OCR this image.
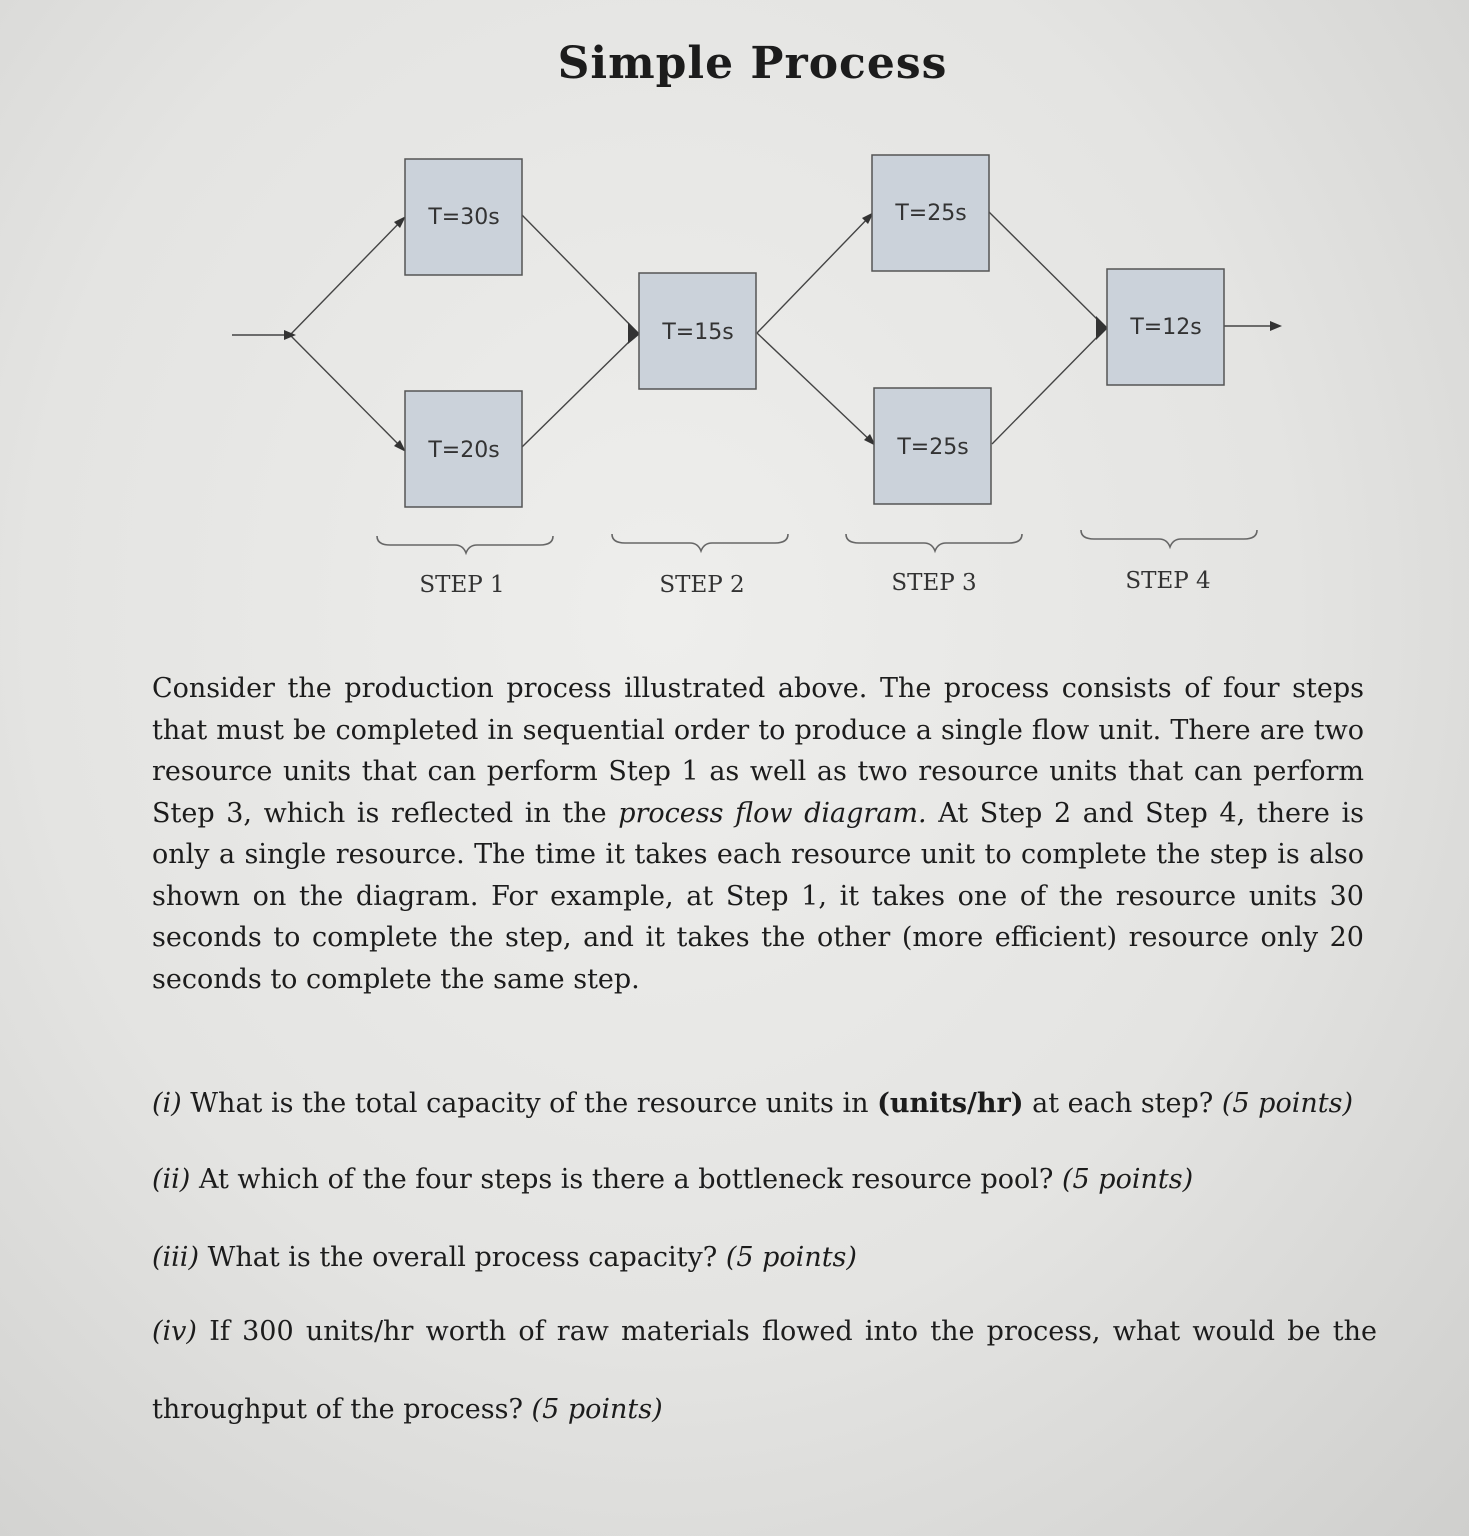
Simple Process
T=30s
T=20s
T=15s
T=25s
T=25s
T=12s
STEP 1	STEP 2	STEP 3	STEP 4
Consider the production process illustrated above. The process consists of four steps that must be completed in sequential order to produce a single flow unit. There are two resource units that can perform Step 1 as well as two resource units that can perform Step 3, which is reflected in the process flow diagram. At Step 2 and Step 4, there is only a single resource. The time it takes each resource unit to complete the step is also shown on the diagram. For example, at Step 1, it takes one of the resource units 30 seconds to complete the step, and it takes the other (more efficient) resource only 20 seconds to complete the same step.
(i) What is the total capacity of the resource units in (units/hr) at each step? (5 points)
(ii) At which of the four steps is there a bottleneck resource pool? (5 points)
(iii) What is the overall process capacity? (5 points)
(iv) If 300 units/hr worth of raw materials flowed into the process, what would be the
throughput of the process? (5 points)
